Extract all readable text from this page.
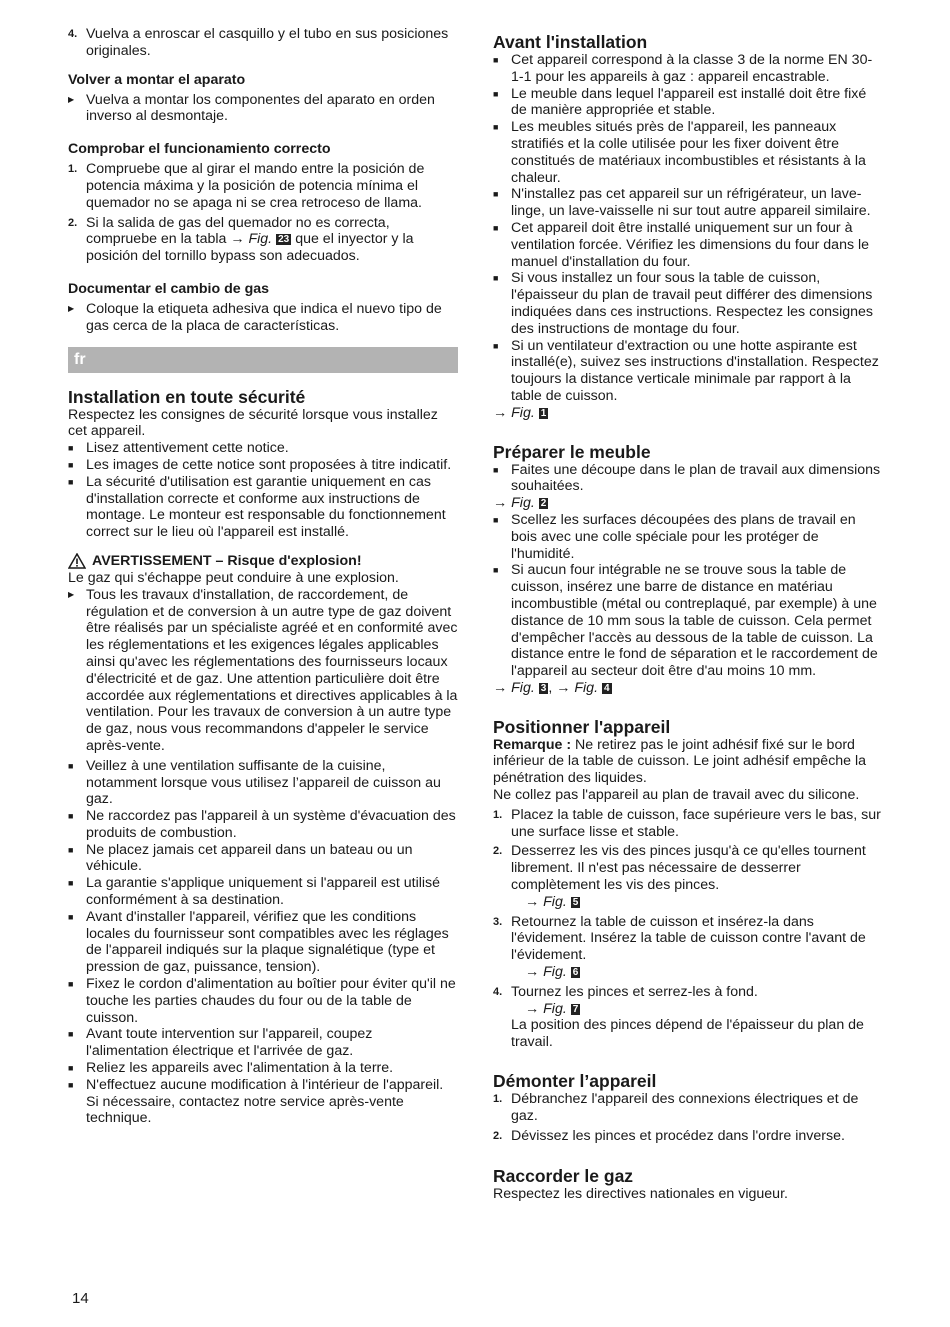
4. Vuelva a enroscar el casquillo y el tubo en sus posiciones originales.
Volver a montar el aparato
▶ Vuelva a montar los componentes del aparato en orden inverso al desmontaje.
Comprobar el funcionamiento correcto
1. Compruebe que al girar el mando entre la posición de potencia máxima y la posición de potencia mínima el quemador no se apaga ni se crea retroceso de llama.
2. Si la salida de gas del quemador no es correcta, compruebe en la tabla → Fig. 23 que el inyector y la posición del tornillo bypass son adecuados.
Documentar el cambio de gas
▶ Coloque la etiqueta adhesiva que indica el nuevo tipo de gas cerca de la placa de características.
fr
Installation en toute sécurité

Respectez les consignes de sécurité lorsque vous installez cet appareil.

■ Lisez attentivement cette notice.
■ Les images de cette notice sont proposées à titre indicatif.
■ La sécurité d'utilisation est garantie uniquement en cas d'installation correcte et conforme aux instructions de montage. Le monteur est responsable du fonctionnement correct sur le lieu où l'appareil est installé.
AVERTISSEMENT – Risque d'explosion!

Le gaz qui s'échappe peut conduire à une explosion.

▶ Tous les travaux d'installation, de raccordement, de régulation et de conversion à un autre type de gaz doivent être réalisés par un spécialiste agréé et en conformité avec les réglementations et les exigences légales applicables ainsi qu'avec les réglementations des fournisseurs locaux d'électricité et de gaz. Une attention particulière doit être accordée aux réglementations et directives applicables à la ventilation. Pour les travaux de conversion à un autre type de gaz, nous vous recommandons d'appeler le service après-vente.
■ Veillez à une ventilation suffisante de la cuisine, notamment lorsque vous utilisez l’appareil de cuisson au gaz.
■ Ne raccordez pas l'appareil à un système d'évacuation des produits de combustion.
■ Ne placez jamais cet appareil dans un bateau ou un véhicule.
■ La garantie s'applique uniquement si l'appareil est utilisé conformément à sa destination.
■ Avant d'installer l'appareil, vérifiez que les conditions locales du fournisseur sont compatibles avec les réglages de l'appareil indiqués sur la plaque signalétique (type et pression de gaz, puissance, tension).
■ Fixez le cordon d'alimentation au boîtier pour éviter qu'il ne touche les parties chaudes du four ou de la table de cuisson.
■ Avant toute intervention sur l'appareil, coupez l'alimentation électrique et l'arrivée de gaz.
■ Reliez les appareils avec l'alimentation à la terre.
■ N'effectuez aucune modification à l'intérieur de l'appareil. Si nécessaire, contactez notre service après-vente technique.
Avant l'installation
■ Cet appareil correspond à la classe 3 de la norme EN 30-1-1 pour les appareils à gaz : appareil encastrable.
■ Le meuble dans lequel l'appareil est installé doit être fixé de manière appropriée et stable.
■ Les meubles situés près de l'appareil, les panneaux stratifiés et la colle utilisée pour les fixer doivent être constitués de matériaux incombustibles et résistants à la chaleur.
■ N'installez pas cet appareil sur un réfrigérateur, un lave-linge, un lave-vaisselle ni sur tout autre appareil similaire.
■ Cet appareil doit être installé uniquement sur un four à ventilation forcée. Vérifiez les dimensions du four dans le manuel d'installation du four.
■ Si vous installez un four sous la table de cuisson, l'épaisseur du plan de travail peut différer des dimensions indiquées dans ces instructions. Respectez les consignes des instructions de montage du four.
■ Si un ventilateur d'extraction ou une hotte aspirante est installé(e), suivez ses instructions d'installation. Respectez toujours la distance verticale minimale par rapport à la table de cuisson.

→ Fig. 1

Préparer le meuble
■ Faites une découpe dans le plan de travail aux dimensions souhaitées.

→ Fig. 2

■ Scellez les surfaces découpées des plans de travail en bois avec une colle spéciale pour les protéger de l'humidité.
■ Si aucun four intégrable ne se trouve sous la table de cuisson, insérez une barre de distance en matériau incombustible (métal ou contreplaqué, par exemple) à une distance de 10 mm sous la table de cuisson. Cela permet d'empêcher l'accès au dessous de la table de cuisson. La distance entre le fond de séparation et le raccordement de l'appareil au secteur doit être d'au moins 10 mm.

→ Fig. 3 , → Fig. 4

Positionner l'appareil

Remarque : Ne retirez pas le joint adhésif fixé sur le bord inférieur de la table de cuisson. Le joint adhésif empêche la pénétration des liquides.

Ne collez pas l'appareil au plan de travail avec du silicone.

1. Placez la table de cuisson, face supérieure vers le bas, sur une surface lisse et stable.
2. Desserrez les vis des pinces jusqu'à ce qu'elles tournent librement. Il n'est pas nécessaire de desserrer complètement les vis des pinces.
→ Fig. 5
3. Retournez la table de cuisson et insérez-la dans l'évidement. Insérez la table de cuisson contre l'avant de l'évidement.
→ Fig. 6
4. Tournez les pinces et serrez-les à fond.
→ Fig. 7
La position des pinces dépend de l'épaisseur du plan de travail.
Démonter l’appareil
1. Débranchez l'appareil des connexions électriques et de gaz.
2. Dévissez les pinces et procédez dans l'ordre inverse.
Raccorder le gaz

Respectez les directives nationales en vigueur.

14
